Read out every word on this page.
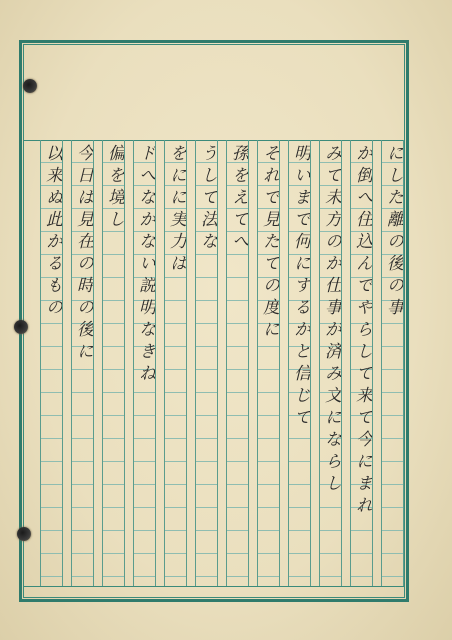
にした離の後の事
か倒へ住込んでやらして来て今にまれ
みて未方のか仕事が済み文にならし
明いまで何にするかと信じて
それで見たての度に
孫をえてへ
うして法な
をにに実力は
ドへなかない説明なきね
偏を境し
今日は見在の時の後に
以来ぬ此かるもの
